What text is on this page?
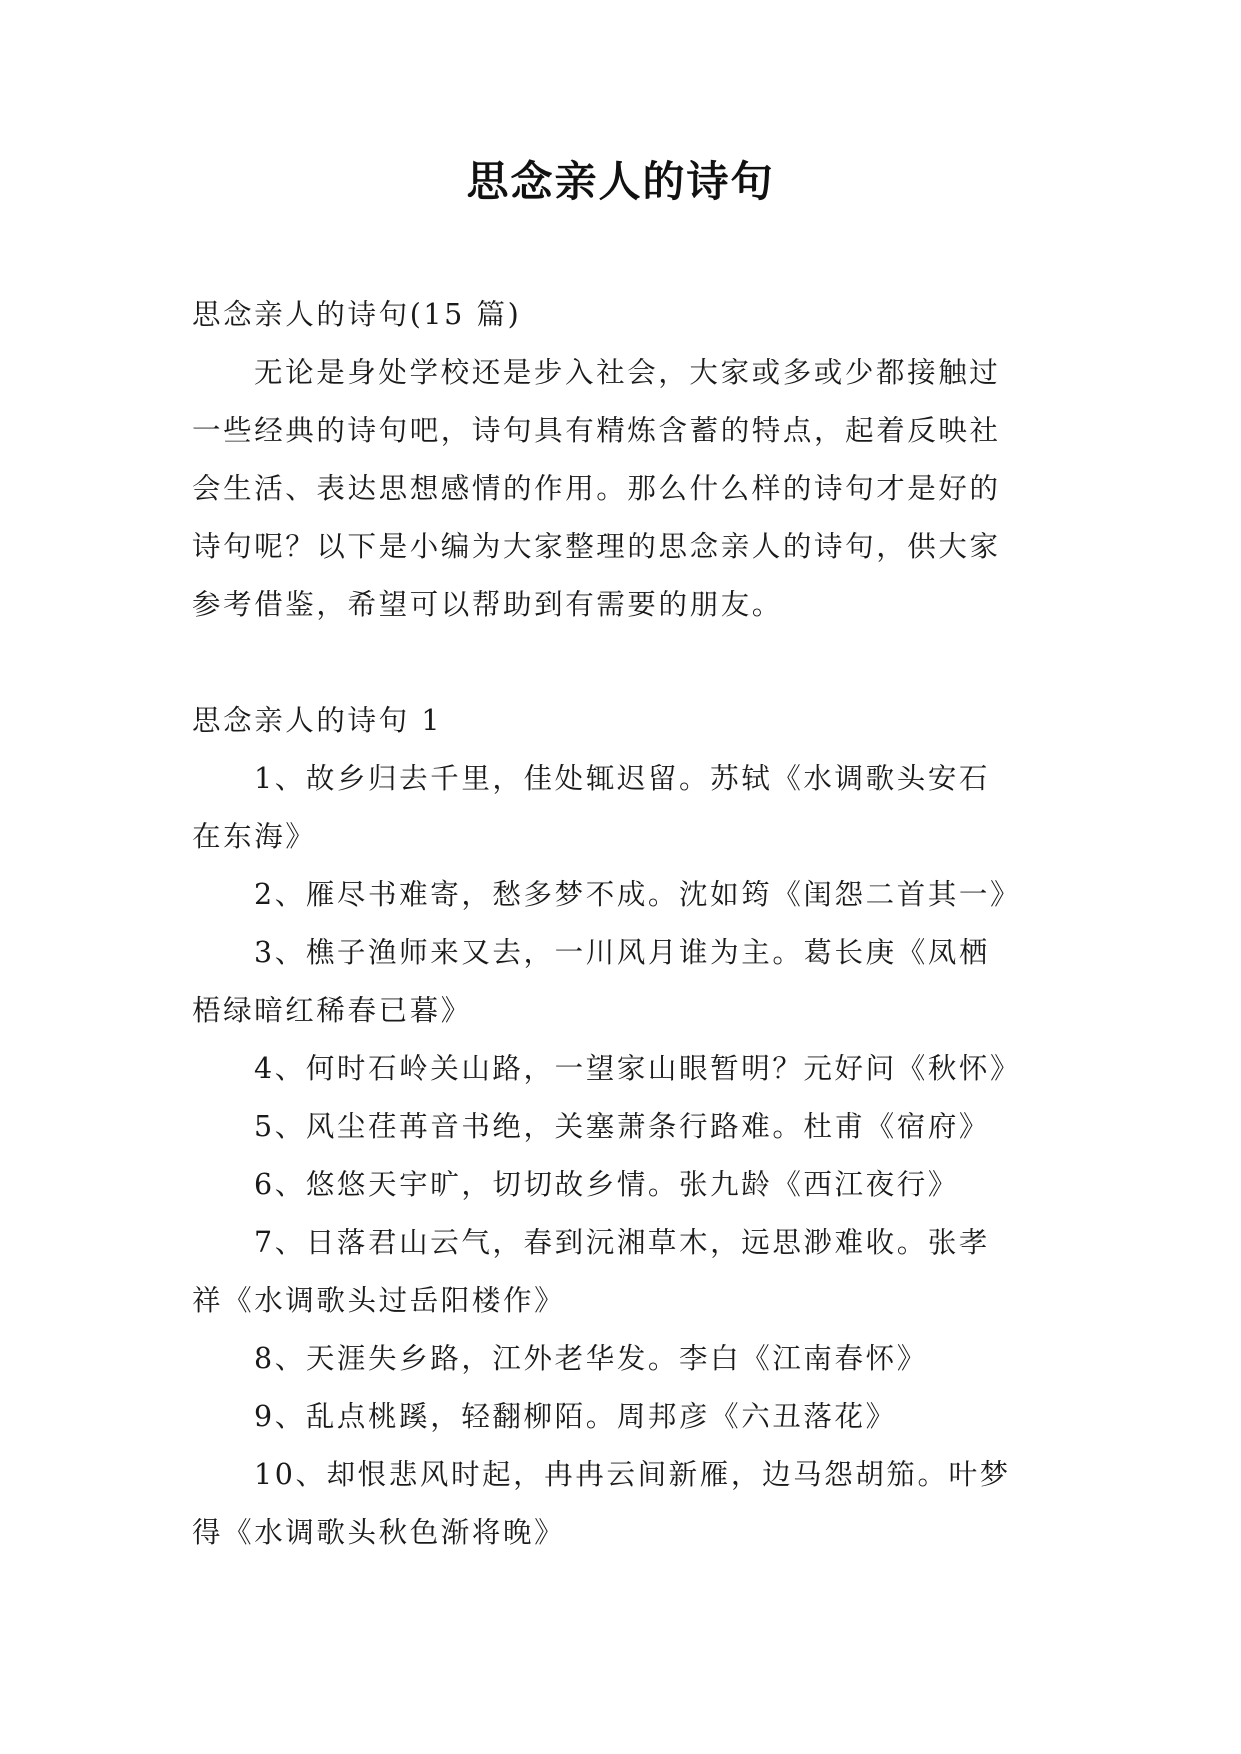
思念亲人的诗句

思念亲人的诗句(15 篇)

无论是身处学校还是步入社会，大家或多或少都接触过

一些经典的诗句吧，诗句具有精炼含蓄的特点，起着反映社

会生活、表达思想感情的作用。那么什么样的诗句才是好的

诗句呢？以下是小编为大家整理的思念亲人的诗句，供大家

参考借鉴，希望可以帮助到有需要的朋友。

思念亲人的诗句 1

1、故乡归去千里，佳处辄迟留。苏轼《水调歌头安石

在东海》

2、雁尽书难寄，愁多梦不成。沈如筠《闺怨二首其一》

3、樵子渔师来又去，一川风月谁为主。葛长庚《凤栖

梧绿暗红稀春已暮》

4、何时石岭关山路，一望家山眼暂明？元好问《秋怀》

5、风尘荏苒音书绝，关塞萧条行路难。杜甫《宿府》

6、悠悠天宇旷，切切故乡情。张九龄《西江夜行》

7、日落君山云气，春到沅湘草木，远思渺难收。张孝

祥《水调歌头过岳阳楼作》

8、天涯失乡路，江外老华发。李白《江南春怀》

9、乱点桃蹊，轻翻柳陌。周邦彦《六丑落花》

10、却恨悲风时起，冉冉云间新雁，边马怨胡笳。叶梦

得《水调歌头秋色渐将晚》
